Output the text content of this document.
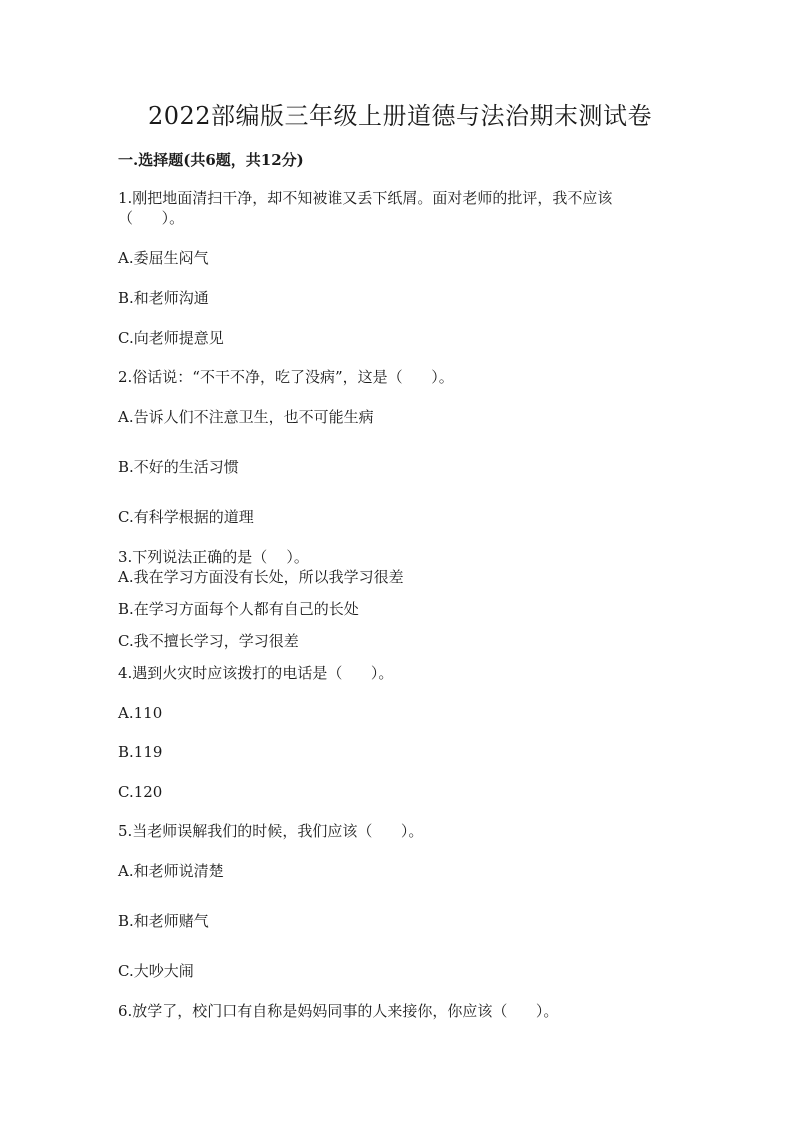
2022部编版三年级上册道德与法治期末测试卷
一.选择题(共6题，共12分)
1.刚把地面清扫干净，却不知被谁又丢下纸屑。面对老师的批评，我不应该
（      ）。
A.委屈生闷气
B.和老师沟通
C.向老师提意见
2.俗话说：“不干不净，吃了没病”，这是（      ）。
A.告诉人们不注意卫生，也不可能生病
B.不好的生活习惯
C.有科学根据的道理
3.下列说法正确的是（    ）。
A.我在学习方面没有长处，所以我学习很差
B.在学习方面每个人都有自己的长处
C.我不擅长学习，学习很差
4.遇到火灾时应该拨打的电话是（      ）。
A.110
B.119
C.120
5.当老师误解我们的时候，我们应该（      ）。
A.和老师说清楚
B.和老师赌气
C.大吵大闹
6.放学了，校门口有自称是妈妈同事的人来接你，你应该（      ）。
